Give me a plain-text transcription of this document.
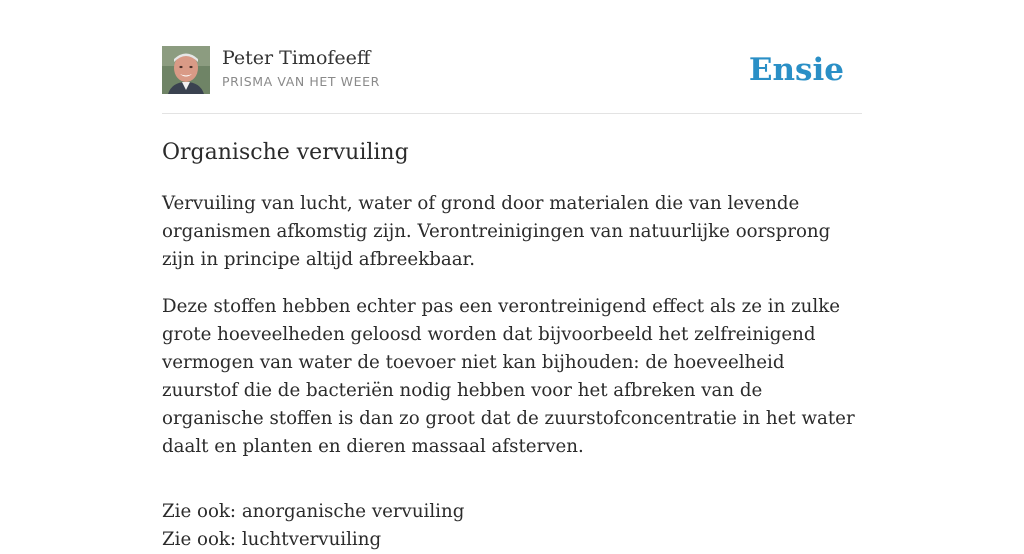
Peter Timofeeff
PRISMA VAN HET WEER	Ensie
Organische vervuiling

Vervuiling van lucht, water of grond door materialen die van levende organismen afkomstig zijn. Verontreinigingen van natuurlijke oorsprong zijn in principe altijd afbreekbaar.

Deze stoffen hebben echter pas een verontreinigend effect als ze in zulke grote hoeveelheden geloosd worden dat bijvoorbeeld het zelfreinigend vermogen van water de toevoer niet kan bijhouden: de hoeveelheid zuurstof die de bacteriën nodig hebben voor het afbreken van de organische stoffen is dan zo groot dat de zuurstofconcentratie in het water daalt en planten en dieren massaal afsterven.

Zie ook: anorganische vervuiling
Zie ook: luchtvervuiling
